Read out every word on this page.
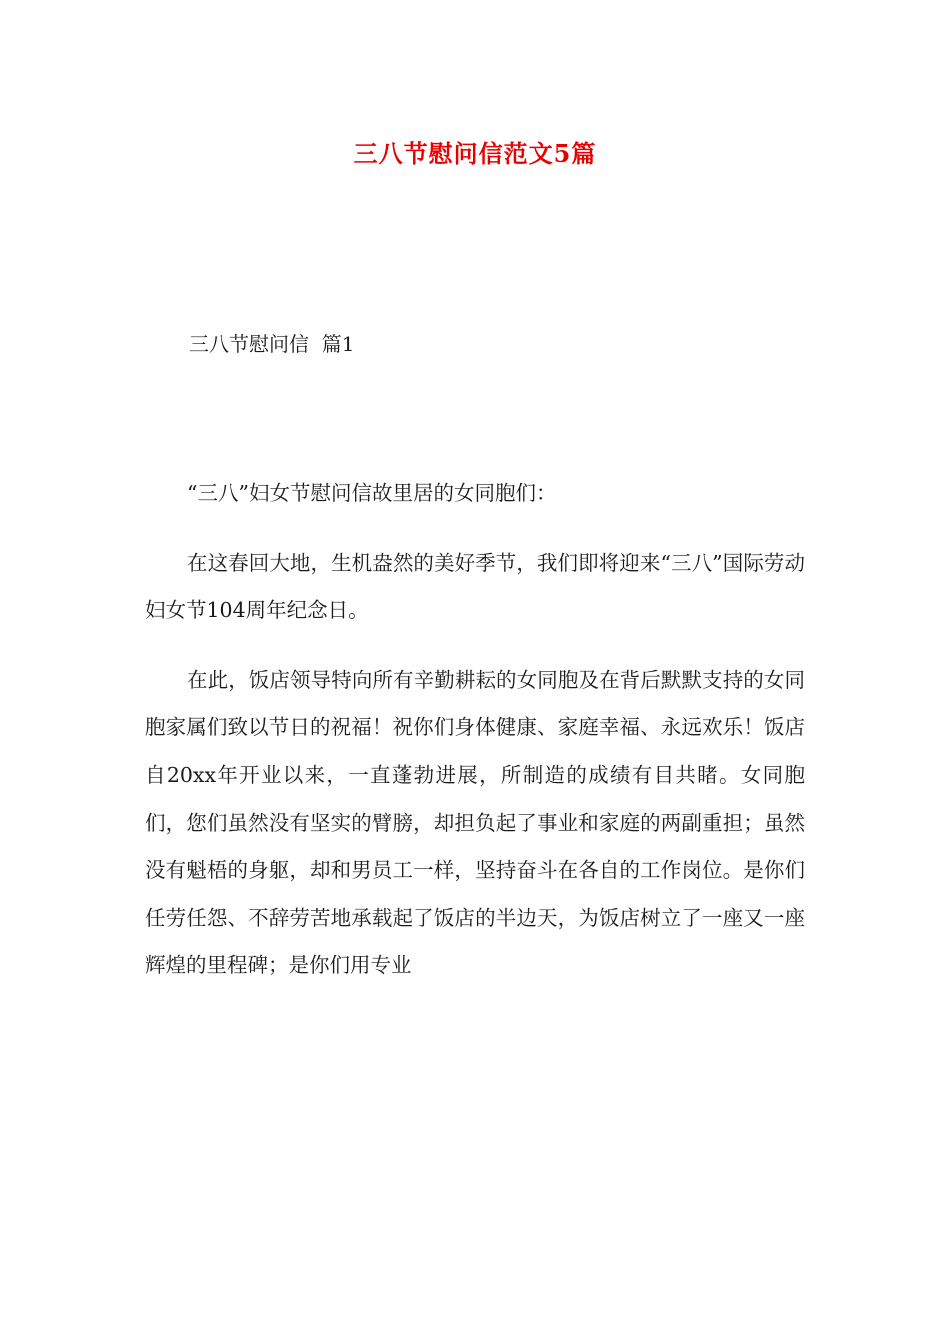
三八节慰问信范文5篇
三八节慰问信  篇1

“三八”妇女节慰问信故里居的女同胞们：

在这春回大地，生机盎然的美好季节，我们即将迎来“三八”国际劳动妇女节104周年纪念日。

在此，饭店领导特向所有辛勤耕耘的女同胞及在背后默默支持的女同胞家属们致以节日的祝福！祝你们身体健康、家庭幸福、永远欢乐！饭店自20xx年开业以来，一直蓬勃进展，所制造的成绩有目共睹。女同胞们，您们虽然没有坚实的臂膀，却担负起了事业和家庭的两副重担；虽然没有魁梧的身躯，却和男员工一样，坚持奋斗在各自的工作岗位。是你们任劳任怨、不辞劳苦地承载起了饭店的半边天，为饭店树立了一座又一座辉煌的里程碑；是你们用专业
